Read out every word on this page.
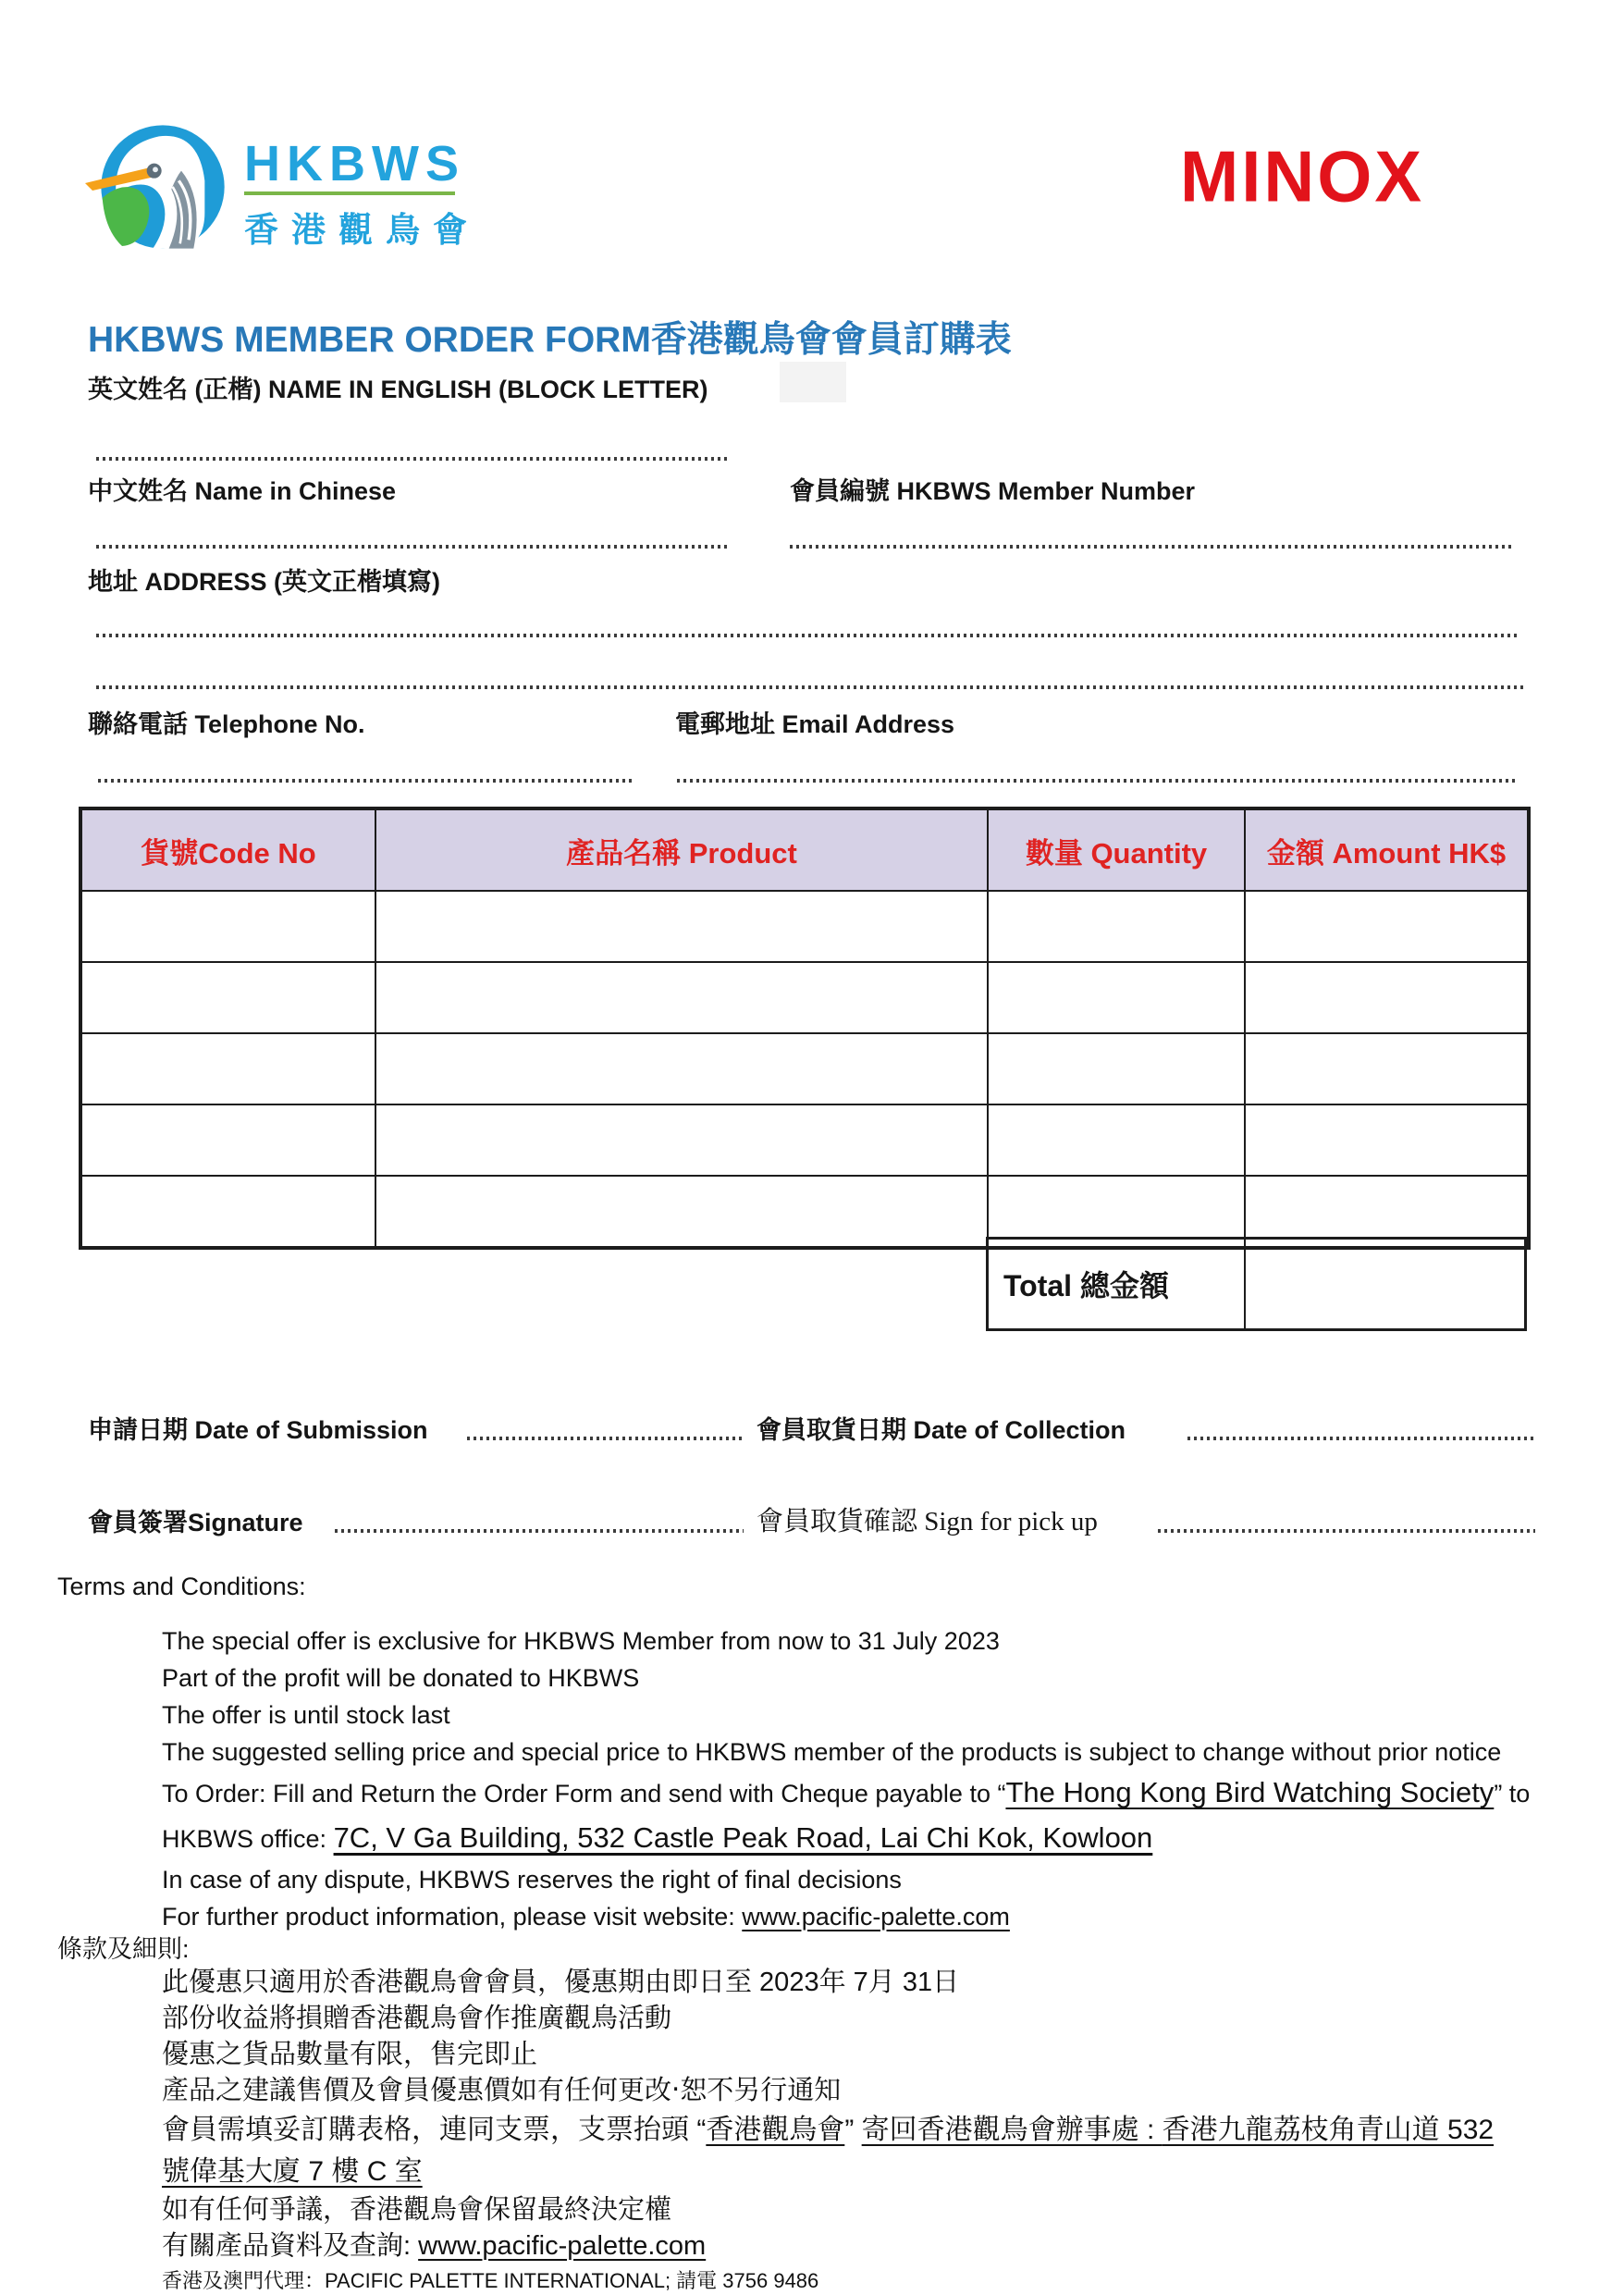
HKBWS
香港觀鳥會
MINOX
HKBWS MEMBER ORDER FORM香港觀鳥會會員訂購表
英文姓名 (正楷) NAME IN ENGLISH (BLOCK LETTER)
中文姓名 Name in Chinese	會員編號 HKBWS Member Number
地址 ADDRESS (英文正楷填寫)
聯絡電話 Telephone No.	電郵地址 Email Address
貨號Code No	產品名稱 Product	數量 Quantity	金額 Amount HK$

Total 總金額
申請日期 Date of Submission	會員取貨日期 Date of Collection
會員簽署Signature	會員取貨確認 Sign for pick up
Terms and Conditions:
The special offer is exclusive for HKBWS Member from now to 31 July 2023
Part of the profit will be donated to HKBWS
The offer is until stock last
The suggested selling price and special price to HKBWS member of the products is subject to change without prior notice
To Order: Fill and Return the Order Form and send with Cheque payable to “The Hong Kong Bird Watching Society” to
HKBWS office: 7C, V Ga Building, 532 Castle Peak Road, Lai Chi Kok, Kowloon
In case of any dispute, HKBWS reserves the right of final decisions
For further product information, please visit website: www.pacific-palette.com
條款及細則:
此優惠只適用於香港觀鳥會會員，優惠期由即日至 2023年 7月 31日
部份收益將損贈香港觀鳥會作推廣觀鳥活動
優惠之貨品數量有限，售完即止
產品之建議售價及會員優惠價如有任何更改‧恕不另行通知
會員需填妥訂購表格，連同支票，支票抬頭 “香港觀鳥會” 寄回香港觀鳥會辦事處 : 香港九龍荔枝角青山道 532
號偉基大廈 7 樓 C 室
如有任何爭議，香港觀鳥會保留最終決定權
有關產品資料及查詢: www.pacific-palette.com
香港及澳門代理：PACIFIC PALETTE INTERNATIONAL; 請電 3756 9486
